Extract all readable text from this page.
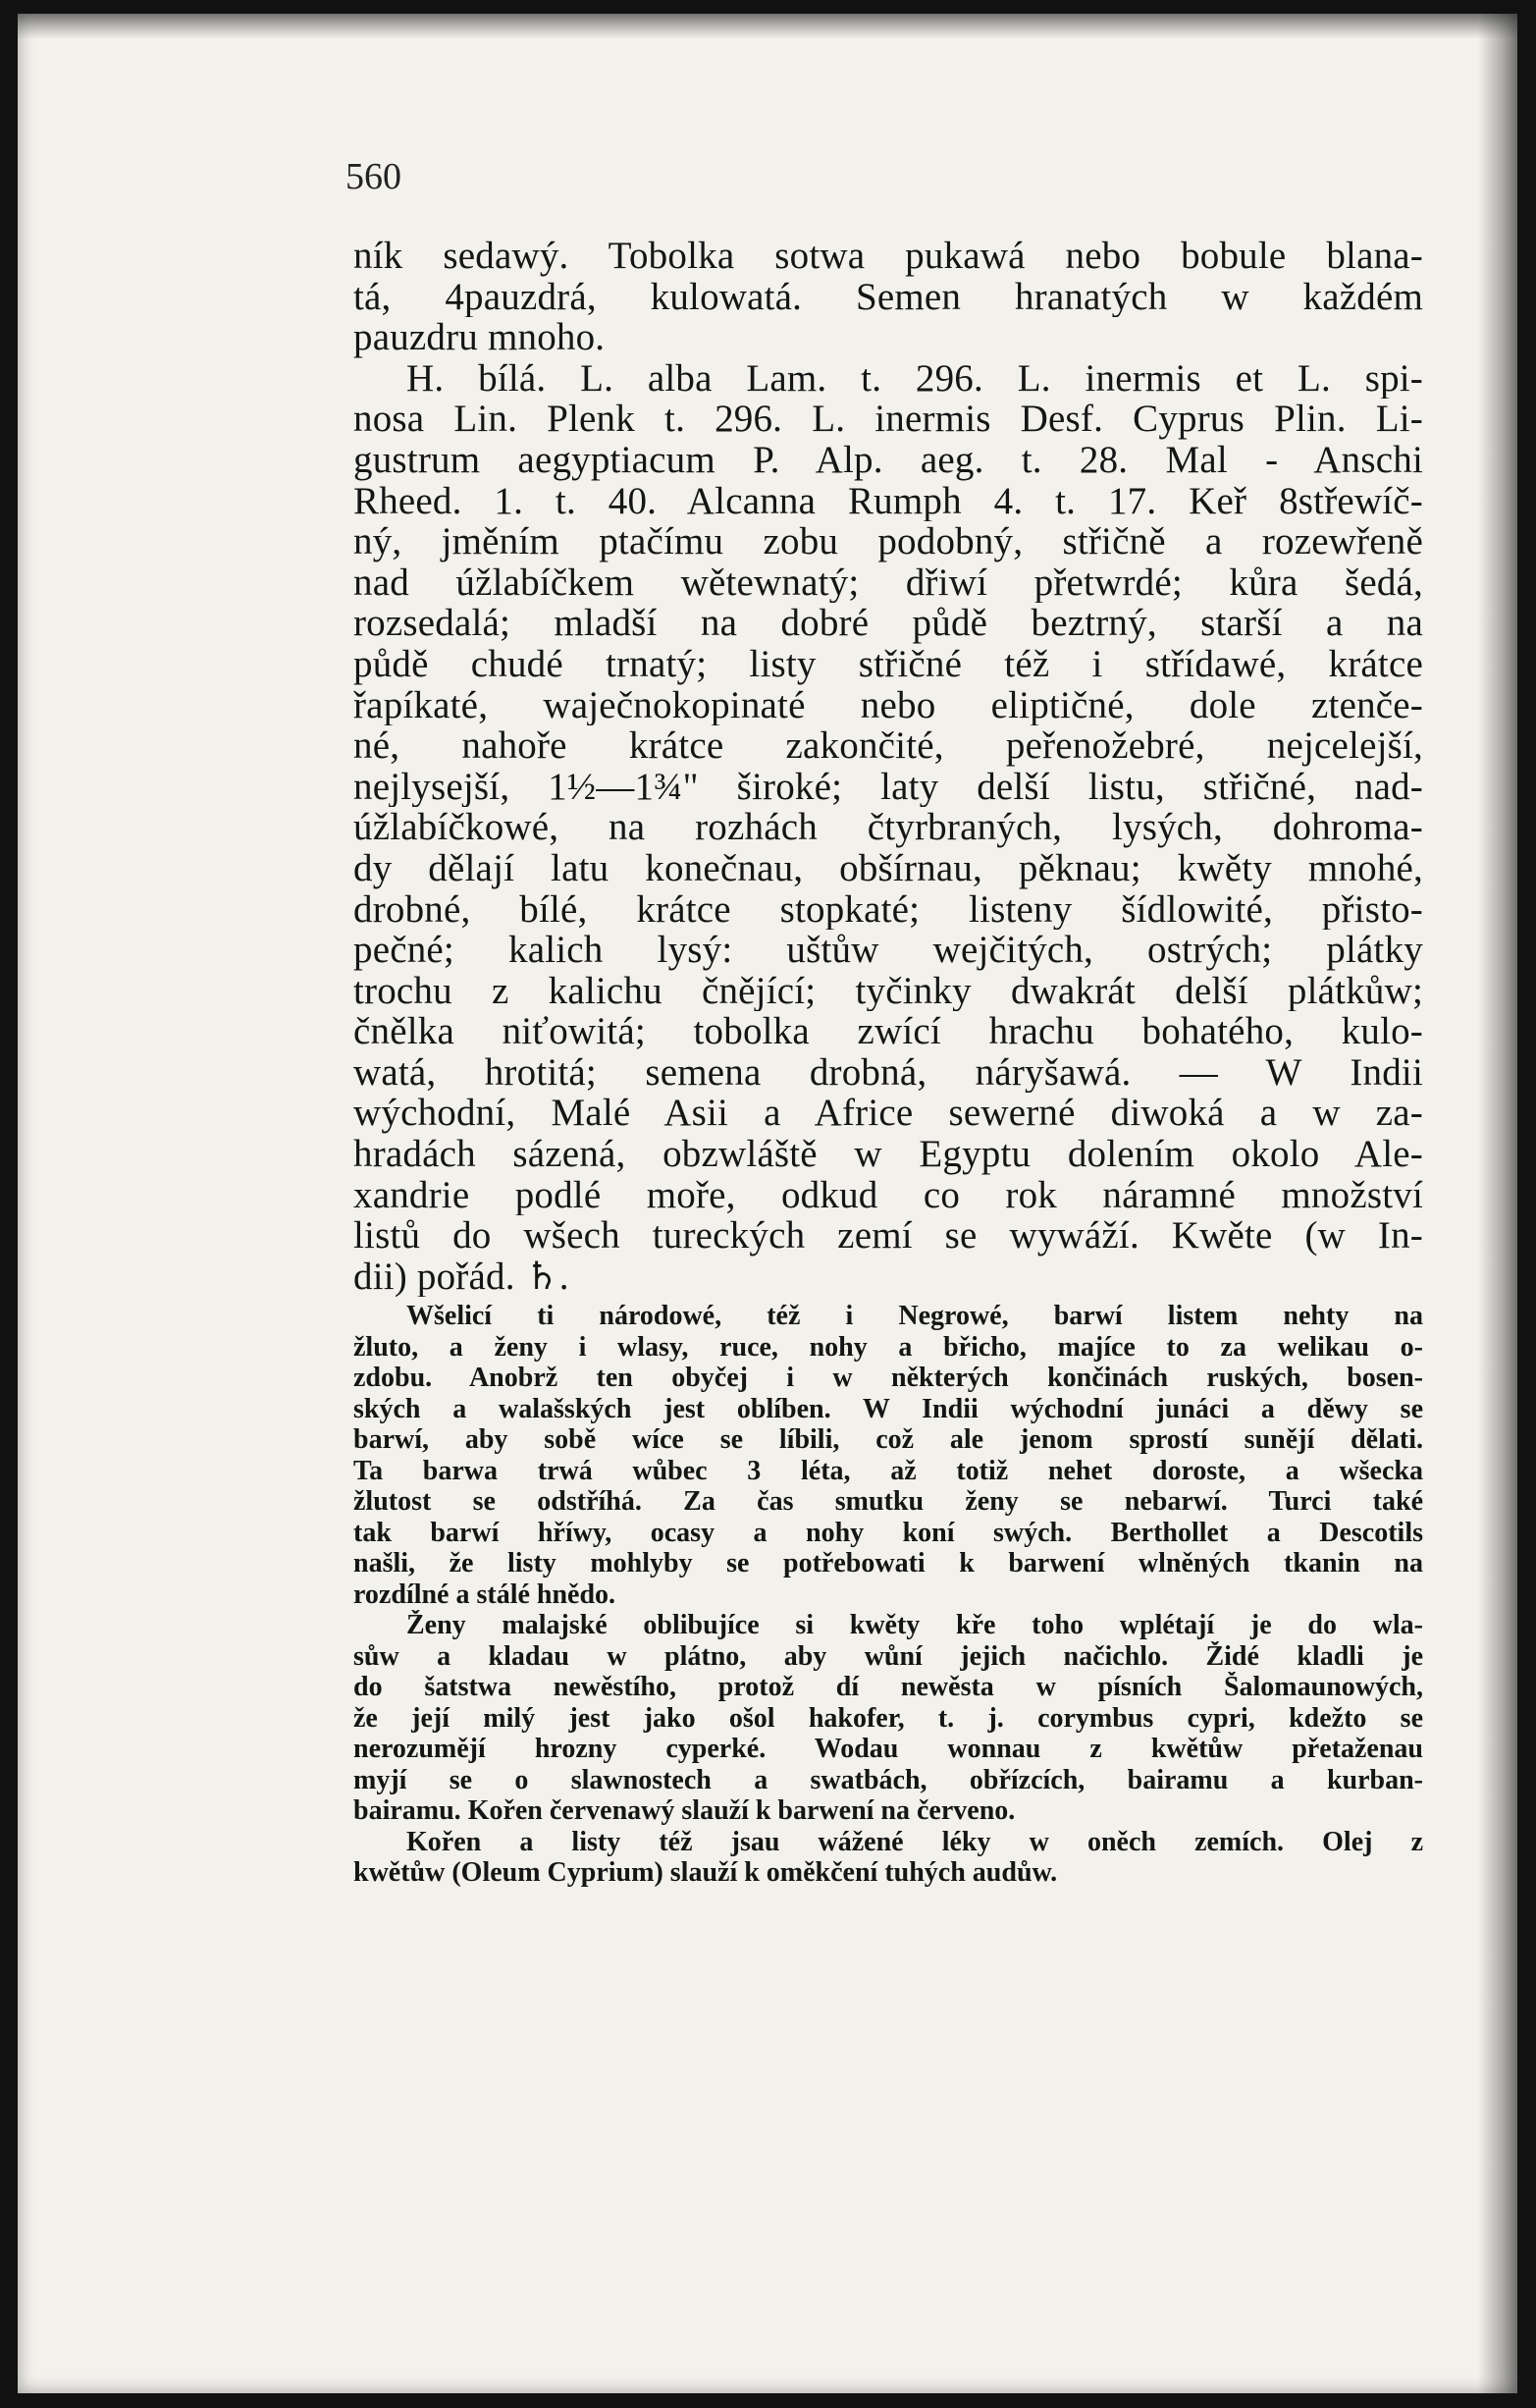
560
ník sedawý. Tobolka sotwa pukawá nebo bobule blana-
tá, 4pauzdrá, kulowatá. Semen hranatých w každém
pauzdru mnoho.
H. bílá. L. alba Lam. t. 296. L. inermis et L. spi-
nosa Lin. Plenk t. 296. L. inermis Desf. Cyprus Plin. Li-
gustrum aegyptiacum P. Alp. aeg. t. 28. Mal - Anschi
Rheed. 1. t. 40. Alcanna Rumph 4. t. 17. Keř 8střewíč-
ný, jměním ptačímu zobu podobný, střičně a rozewřeně
nad úžlabíčkem wětewnatý; dřiwí přetwrdé; kůra šedá,
rozsedalá; mladší na dobré půdě beztrný, starší a na
půdě chudé trnatý; listy střičné též i střídawé, krátce
řapíkaté, waječnokopinaté nebo eliptičné, dole ztenče-
né, nahoře krátce zakončité, peřenožebré, nejcelejší,
nejlysejší, 1½—1¾" široké; laty delší listu, střičné, nad-
úžlabíčkowé, na rozhách čtyrbraných, lysých, dohroma-
dy dělají latu konečnau, obšírnau, pěknau; kwěty mnohé,
drobné, bílé, krátce stopkaté; listeny šídlowité, přisto-
pečné; kalich lysý: uštůw wejčitých, ostrých; plátky
trochu z kalichu čnějící; tyčinky dwakrát delší plátkůw;
čnělka niťowitá; tobolka zwící hrachu bohatého, kulo-
watá, hrotitá; semena drobná, náryšawá. — W Indii
wýchodní, Malé Asii a Africe sewerné diwoká a w za-
hradách sázená, obzwláště w Egyptu dolením okolo Ale-
xandrie podlé moře, odkud co rok náramné množství
listů do wšech tureckých zemí se wywáží. Kwěte (w In-
dii) pořád. ♄.
Wšelicí ti národowé, též i Negrowé, barwí listem nehty na
žluto, a ženy i wlasy, ruce, nohy a břicho, majíce to za welikau o-
zdobu. Anobrž ten obyčej i w některých končinách ruských, bosen-
ských a walašských jest oblíben. W Indii wýchodní junáci a děwy se
barwí, aby sobě wíce se líbili, což ale jenom sprostí sunějí dělati.
Ta barwa trwá wůbec 3 léta, až totiž nehet doroste, a wšecka
žlutost se odstříhá. Za čas smutku ženy se nebarwí. Turci také
tak barwí hříwy, ocasy a nohy koní swých. Berthollet a Descotils
našli, že listy mohlyby se potřebowati k barwení wlněných tkanin na
rozdílné a stálé hnědo.
Ženy malajské oblibujíce si kwěty kře toho wplétají je do wla-
sůw a kladau w plátno, aby wůní jejich načichlo. Židé kladli je
do šatstwa newěstího, protož dí newěsta w písních Šalomaunowých,
že její milý jest jako ošol hakofer, t. j. corymbus cypri, kdežto se
nerozumějí hrozny cyperké. Wodau wonnau z kwětůw přetaženau
myjí se o slawnostech a swatbách, obřízcích, bairamu a kurban-
bairamu. Kořen červenawý slauží k barwení na červeno.
Kořen a listy též jsau wážené léky w oněch zemích. Olej z
kwětůw (Oleum Cyprium) slauží k oměkčení tuhých audůw.
